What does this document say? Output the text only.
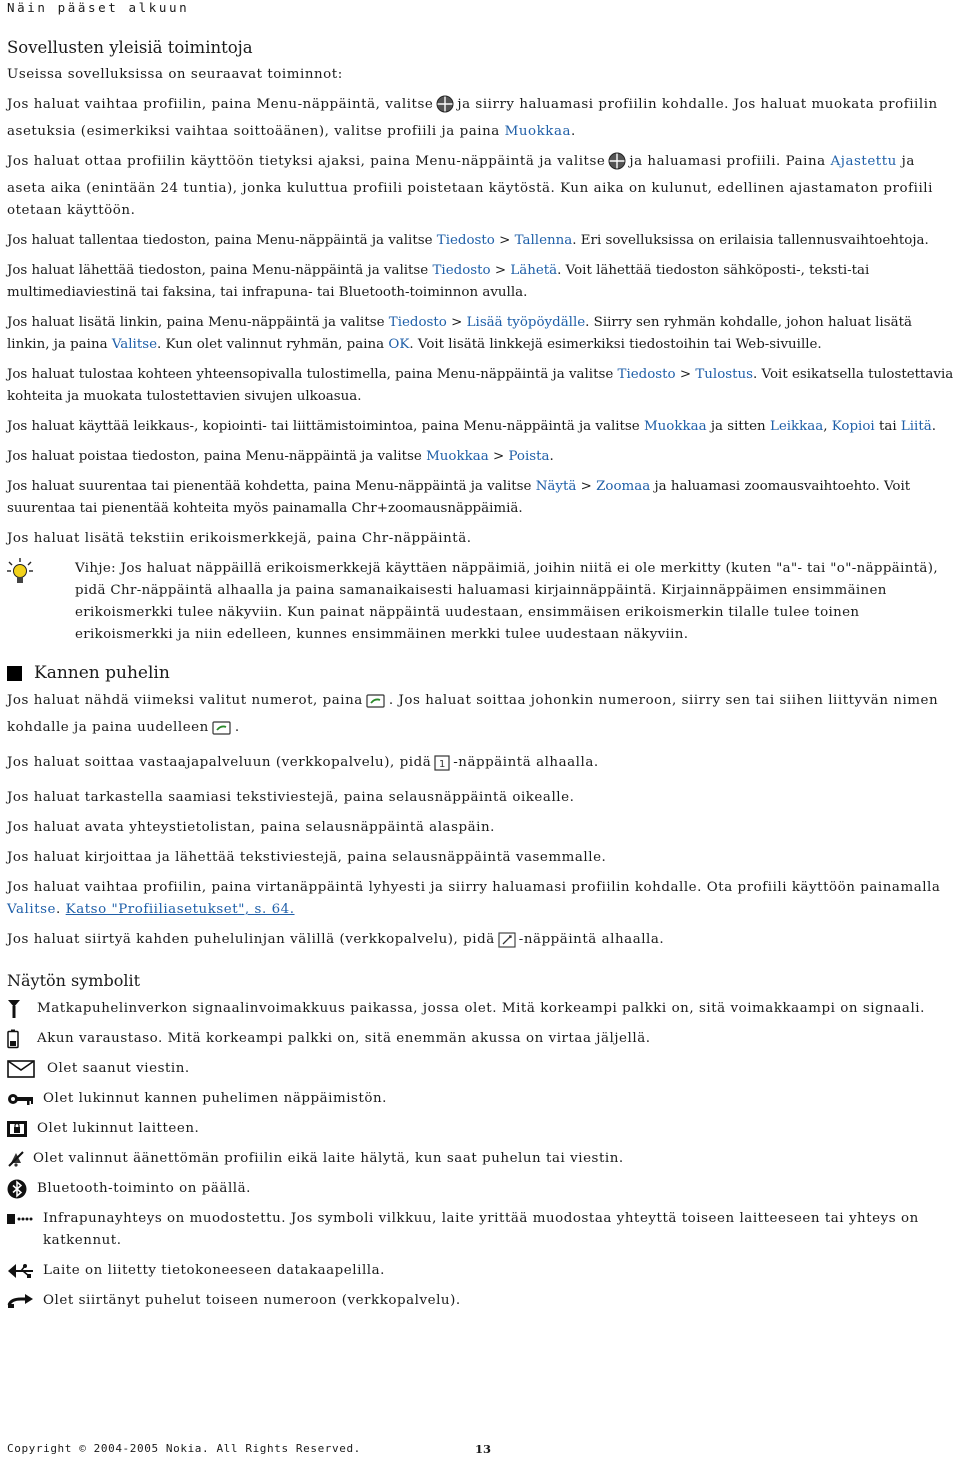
Näin pääset alkuun
Sovellusten yleisiä toimintoja

Useissa sovelluksissa on seuraavat toiminnot:

Jos haluat vaihtaa profiilin, paina Menu-näppäintä, valitse ja siirry haluamasi profiilin kohdalle. Jos haluat muokata profiilin asetuksia (esimerkiksi vaihtaa soittoäänen), valitse profiili ja paina Muokkaa.

Jos haluat ottaa profiilin käyttöön tietyksi ajaksi, paina Menu-näppäintä ja valitse ja haluamasi profiili. Paina Ajastettu ja aseta aika (enintään 24 tuntia), jonka kuluttua profiili poistetaan käytöstä. Kun aika on kulunut, edellinen ajastamaton profiili otetaan käyttöön.

Jos haluat tallentaa tiedoston, paina Menu-näppäintä ja valitse Tiedosto > Tallenna. Eri sovelluksissa on erilaisia tallennusvaihtoehtoja.

Jos haluat lähettää tiedoston, paina Menu-näppäintä ja valitse Tiedosto > Lähetä. Voit lähettää tiedoston sähköposti-, teksti-tai multimediaviestinä tai faksina, tai infrapuna- tai Bluetooth-toiminnon avulla.

Jos haluat lisätä linkin, paina Menu-näppäintä ja valitse Tiedosto > Lisää työpöydälle. Siirry sen ryhmän kohdalle, johon haluat lisätä linkin, ja paina Valitse. Kun olet valinnut ryhmän, paina OK. Voit lisätä linkkejä esimerkiksi tiedostoihin tai Web-sivuille.

Jos haluat tulostaa kohteen yhteensopivalla tulostimella, paina Menu-näppäintä ja valitse Tiedosto > Tulostus. Voit esikatsella tulostettavia kohteita ja muokata tulostettavien sivujen ulkoasua.

Jos haluat käyttää leikkaus-, kopiointi- tai liittämistoimintoa, paina Menu-näppäintä ja valitse Muokkaa ja sitten Leikkaa, Kopioi tai Liitä.

Jos haluat poistaa tiedoston, paina Menu-näppäintä ja valitse Muokkaa > Poista.

Jos haluat suurentaa tai pienentää kohdetta, paina Menu-näppäintä ja valitse Näytä > Zoomaa ja haluamasi zoomausvaihtoehto. Voit suurentaa tai pienentää kohteita myös painamalla Chr+zoomausnäppäimiä.

Jos haluat lisätä tekstiin erikoismerkkejä, paina Chr-näppäintä.

Vihje: Jos haluat näppäillä erikoismerkkejä käyttäen näppäimiä, joihin niitä ei ole merkitty (kuten "a"- tai "o"-näppäintä), pidä Chr-näppäintä alhaalla ja paina samanaikaisesti haluamasi kirjainnäppäintä. Kirjainnäppäimen ensimmäinen erikoismerkki tulee näkyviin. Kun painat näppäintä uudestaan, ensimmäisen erikoismerkin tilalle tulee toinen erikoismerkki ja niin edelleen, kunnes ensimmäinen merkki tulee uudestaan näkyviin.
Kannen puhelin

Jos haluat nähdä viimeksi valitut numerot, paina . Jos haluat soittaa johonkin numeroon, siirry sen tai siihen liittyvän nimen kohdalle ja paina uudelleen .

Jos haluat soittaa vastaajapalveluun (verkkopalvelu), pidä 1 -näppäintä alhaalla.

Jos haluat tarkastella saamiasi tekstiviestejä, paina selausnäppäintä oikealle.

Jos haluat avata yhteystietolistan, paina selausnäppäintä alaspäin.

Jos haluat kirjoittaa ja lähettää tekstiviestejä, paina selausnäppäintä vasemmalle.

Jos haluat vaihtaa profiilin, paina virtanäppäintä lyhyesti ja siirry haluamasi profiilin kohdalle. Ota profiili käyttöön painamalla Valitse. Katso "Profiiliasetukset", s. 64.

Jos haluat siirtyä kahden puhelulinjan välillä (verkkopalvelu), pidä -näppäintä alhaalla.

Näytön symbolit
Matkapuhelinverkon signaalinvoimakkuus paikassa, jossa olet. Mitä korkeampi palkki on, sitä voimakkaampi on signaali.
Akun varaustaso. Mitä korkeampi palkki on, sitä enemmän akussa on virtaa jäljellä.
Olet saanut viestin.
Olet lukinnut kannen puhelimen näppäimistön.
Olet lukinnut laitteen.
Olet valinnut äänettömän profiilin eikä laite hälytä, kun saat puhelun tai viestin.
Bluetooth-toiminto on päällä.
Infrapunayhteys on muodostettu. Jos symboli vilkkuu, laite yrittää muodostaa yhteyttä toiseen laitteeseen tai yhteys on katkennut.
Laite on liitetty tietokoneeseen datakaapelilla.
Olet siirtänyt puhelut toiseen numeroon (verkkopalvelu).
Copyright © 2004-2005 Nokia. All Rights Reserved.	13
